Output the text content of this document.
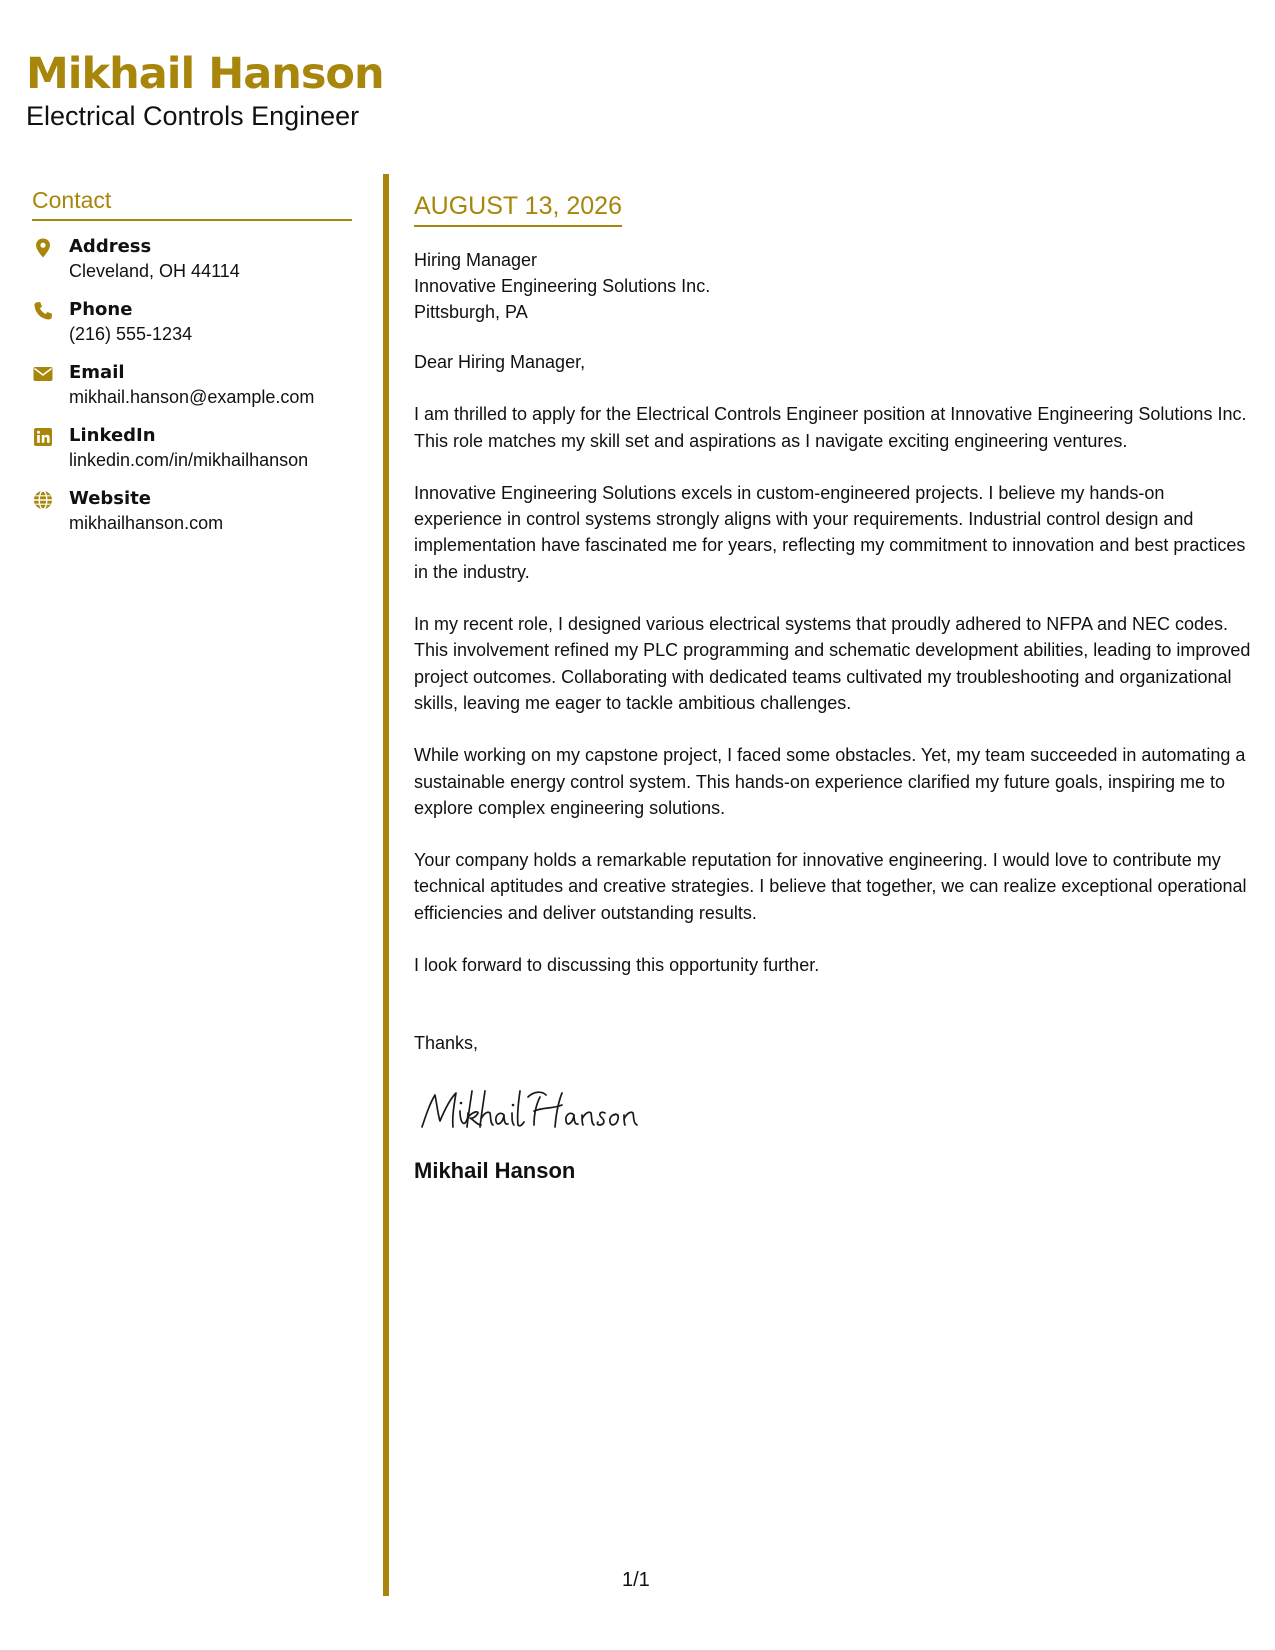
Mikhail Hanson
Electrical Controls Engineer
Contact
Address
Cleveland, OH 44114
Phone
(216) 555-1234
Email
mikhail.hanson@example.com
LinkedIn
linkedin.com/in/mikhailhanson
Website
mikhailhanson.com
AUGUST 13, 2026
Hiring Manager
Innovative Engineering Solutions Inc.
Pittsburgh, PA
Dear Hiring Manager,

I am thrilled to apply for the Electrical Controls Engineer position at Innovative Engineering Solutions Inc. This role matches my skill set and aspirations as I navigate exciting engineering ventures.

Innovative Engineering Solutions excels in custom-engineered projects. I believe my hands-on experience in control systems strongly aligns with your requirements. Industrial control design and implementation have fascinated me for years, reflecting my commitment to innovation and best practices in the industry.

In my recent role, I designed various electrical systems that proudly adhered to NFPA and NEC codes. This involvement refined my PLC programming and schematic development abilities, leading to improved project outcomes. Collaborating with dedicated teams cultivated my troubleshooting and organizational skills, leaving me eager to tackle ambitious challenges.

While working on my capstone project, I faced some obstacles. Yet, my team succeeded in automating a sustainable energy control system. This hands-on experience clarified my future goals, inspiring me to explore complex engineering solutions.

Your company holds a remarkable reputation for innovative engineering. I would love to contribute my technical aptitudes and creative strategies. I believe that together, we can realize exceptional operational efficiencies and deliver outstanding results.

I look forward to discussing this opportunity further.

Thanks,
Mikhail Hanson
1/1
